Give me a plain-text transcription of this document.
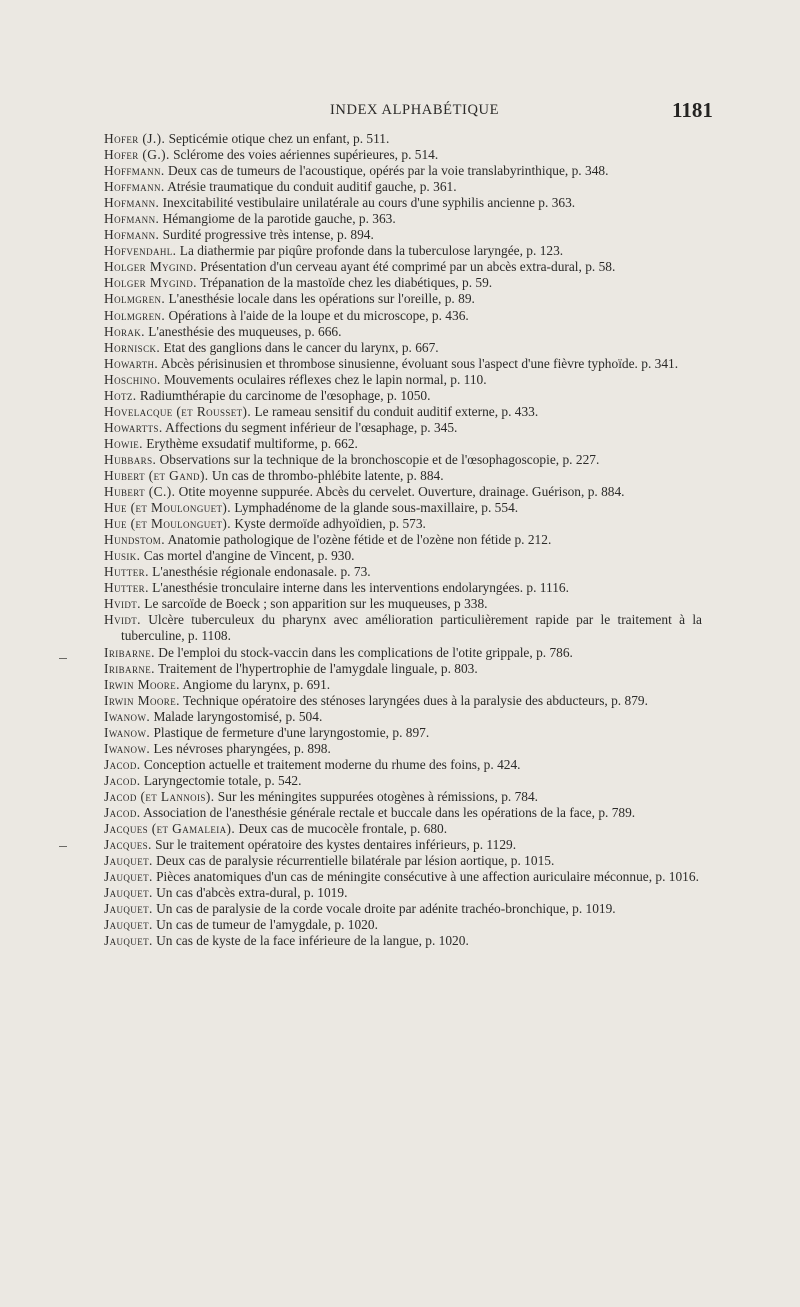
INDEX ALPHABÉTIQUE	1181
Hofer (J.). Septicémie otique chez un enfant, p. 511.
Hofer (G.). Sclérome des voies aériennes supérieures, p. 514.
Hoffmann. Deux cas de tumeurs de l'acoustique, opérés par la voie translabyrinthique, p. 348.
Hoffmann. Atrésie traumatique du conduit auditif gauche, p. 361.
Hofmann. Inexcitabilité vestibulaire unilatérale au cours d'une syphilis ancienne p. 363.
Hofmann. Hémangiome de la parotide gauche, p. 363.
Hofmann. Surdité progressive très intense, p. 894.
Hofvendahl. La diathermie par piqûre profonde dans la tuberculose laryngée, p. 123.
Holger Mygind. Présentation d'un cerveau ayant été comprimé par un abcès extra-dural, p. 58.
Holger Mygind. Trépanation de la mastoïde chez les diabétiques, p. 59.
Holmgren. L'anesthésie locale dans les opérations sur l'oreille, p. 89.
Holmgren. Opérations à l'aide de la loupe et du microscope, p. 436.
Horak. L'anesthésie des muqueuses, p. 666.
Hornisck. Etat des ganglions dans le cancer du larynx, p. 667.
Howarth. Abcès périsinusien et thrombose sinusienne, évoluant sous l'aspect d'une fièvre typhoïde. p. 341.
Hoschino. Mouvements oculaires réflexes chez le lapin normal, p. 110.
Hotz. Radiumthérapie du carcinome de l'œsophage, p. 1050.
Hovelacque (et Rousset). Le rameau sensitif du conduit auditif externe, p. 433.
Howartts. Affections du segment inférieur de l'œsaphage, p. 345.
Howie. Erythème exsudatif multiforme, p. 662.
Hubbars. Observations sur la technique de la bronchoscopie et de l'œsophagoscopie, p. 227.
Hubert (et Gand). Un cas de thrombo-phlébite latente, p. 884.
Hubert (C.). Otite moyenne suppurée. Abcès du cervelet. Ouverture, drainage. Guérison, p. 884.
Hue (et Moulonguet). Lymphadénome de la glande sous-maxillaire, p. 554.
Hue (et Moulonguet). Kyste dermoïde adhyoïdien, p. 573.
Hundstom. Anatomie pathologique de l'ozène fétide et de l'ozène non fétide p. 212.
Husik. Cas mortel d'angine de Vincent, p. 930.
Hutter. L'anesthésie régionale endonasale. p. 73.
Hutter. L'anesthésie tronculaire interne dans les interventions endolaryngées. p. 1116.
Hvidt. Le sarcoïde de Boeck ; son apparition sur les muqueuses, p 338.
Hvidt. Ulcère tuberculeux du pharynx avec amélioration particulièrement rapide par le traitement à la tuberculine, p. 1108.
Iribarne. De l'emploi du stock-vaccin dans les complications de l'otite grippale, p. 786.
Iribarne. Traitement de l'hypertrophie de l'amygdale linguale, p. 803.
Irwin Moore. Angiome du larynx, p. 691.
Irwin Moore. Technique opératoire des sténoses laryngées dues à la paralysie des abducteurs, p. 879.
Iwanow. Malade laryngostomisé, p. 504.
Iwanow. Plastique de fermeture d'une laryngostomie, p. 897.
Iwanow. Les névroses pharyngées, p. 898.
Jacod. Conception actuelle et traitement moderne du rhume des foins, p. 424.
Jacod. Laryngectomie totale, p. 542.
Jacod (et Lannois). Sur les méningites suppurées otogènes à rémissions, p. 784.
Jacod. Association de l'anesthésie générale rectale et buccale dans les opérations de la face, p. 789.
Jacques (et Gamaleia). Deux cas de mucocèle frontale, p. 680.
Jacques. Sur le traitement opératoire des kystes dentaires inférieurs, p. 1129.
Jauquet. Deux cas de paralysie récurrentielle bilatérale par lésion aortique, p. 1015.
Jauquet. Pièces anatomiques d'un cas de méningite consécutive à une affection auriculaire méconnue, p. 1016.
Jauquet. Un cas d'abcès extra-dural, p. 1019.
Jauquet. Un cas de paralysie de la corde vocale droite par adénite trachéo-bronchique, p. 1019.
Jauquet. Un cas de tumeur de l'amygdale, p. 1020.
Jauquet. Un cas de kyste de la face inférieure de la langue, p. 1020.
